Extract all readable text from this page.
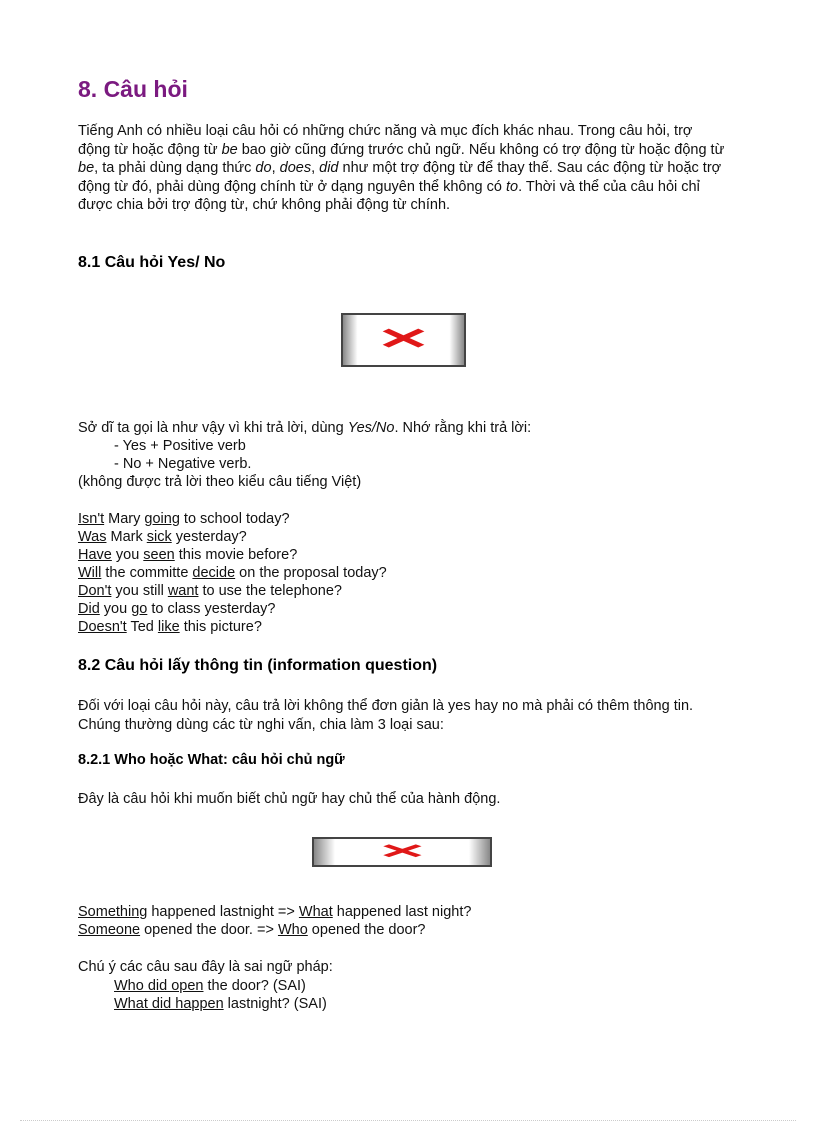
8. Câu hỏi

Tiếng Anh có nhiều loại câu hỏi có những chức năng và mục đích khác nhau. Trong câu hỏi, trợ động từ hoặc động từ be bao giờ cũng đứng trước chủ ngữ. Nếu không có trợ động từ hoặc động từ be, ta phải dùng dạng thức do, does, did như một trợ động từ để thay thế. Sau các động từ hoặc trợ động từ đó, phải dùng động chính từ ở dạng nguyên thể không có to. Thời và thể của câu hỏi chỉ được chia bởi trợ động từ, chứ không phải động từ chính.

8.1 Câu hỏi Yes/ No
✕
Sở dĩ ta gọi là như vậy vì khi trả lời, dùng Yes/No. Nhớ rằng khi trả lời:
- Yes + Positive verb
- No + Negative verb.
(không được trả lời theo kiểu câu tiếng Việt)
Isn't Mary going to school today?
Was Mark sick yesterday?
Have you seen this movie before?
Will the committe decide on the proposal today?
Don't you still want to use the telephone?
Did you go to class yesterday?
Doesn't Ted like this picture?
8.2 Câu hỏi lấy thông tin (information question)

Đối với loại câu hỏi này, câu trả lời không thể đơn giản là yes hay no mà phải có thêm thông tin. Chúng thường dùng các từ nghi vấn, chia làm 3 loại sau:

8.2.1 Who hoặc What: câu hỏi chủ ngữ
Đây là câu hỏi khi muốn biết chủ ngữ hay chủ thể của hành động.
✕
Something happened lastnight => What happened last night?
Someone opened the door. => Who opened the door?
Chú ý các câu sau đây là sai ngữ pháp:
Who did open the door? (SAI)
What did happen lastnight? (SAI)
